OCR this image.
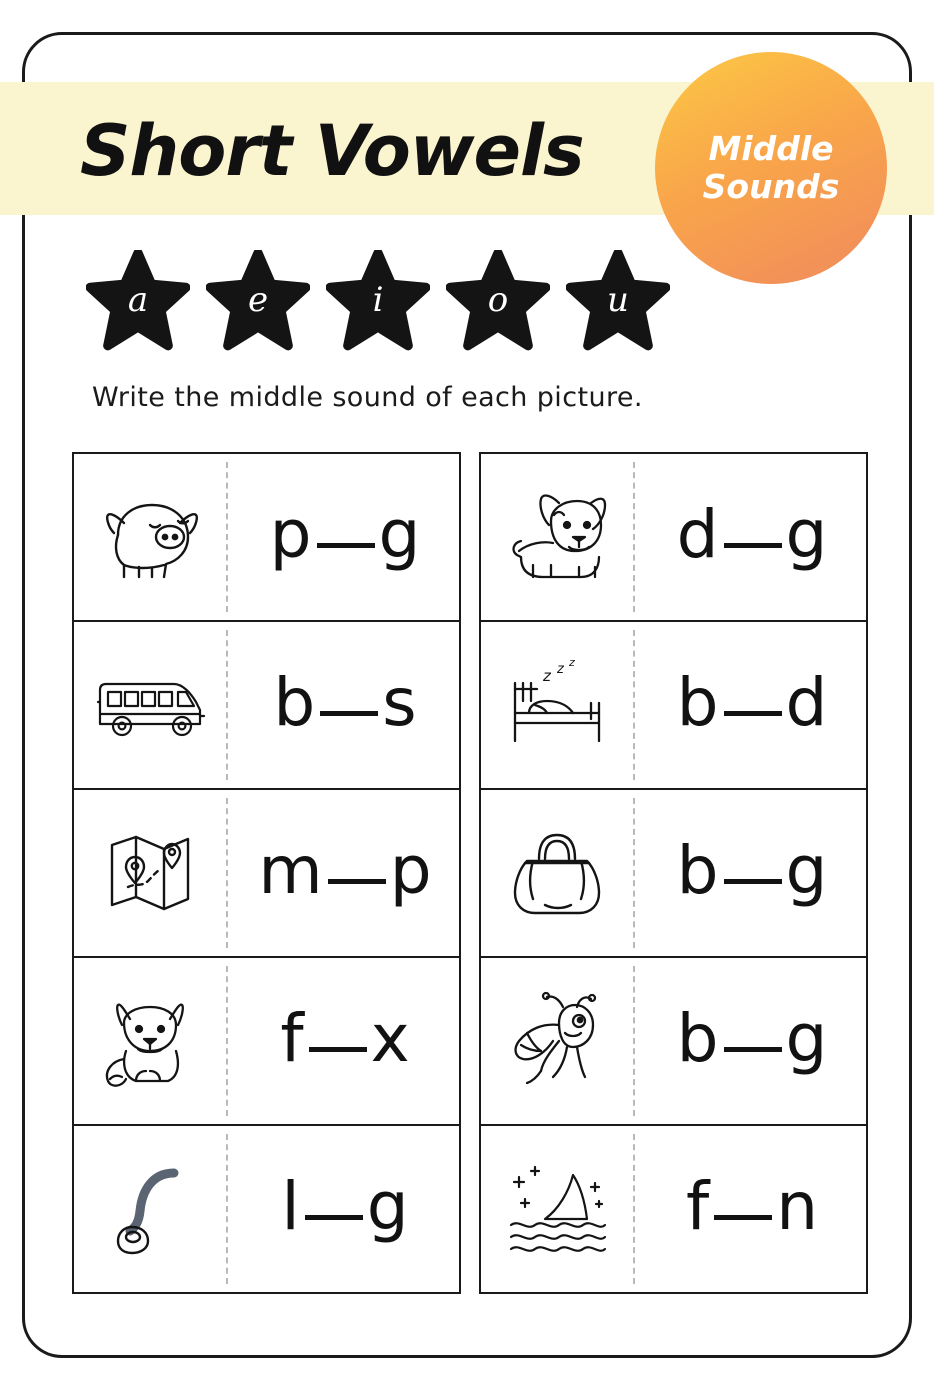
Short Vowels	Middle
Sounds
a	e	i	o	u
Write the middle sound of each picture.
p g
b s
m p
f x
l g
d g
z z z
b d
b g
b g
f n
